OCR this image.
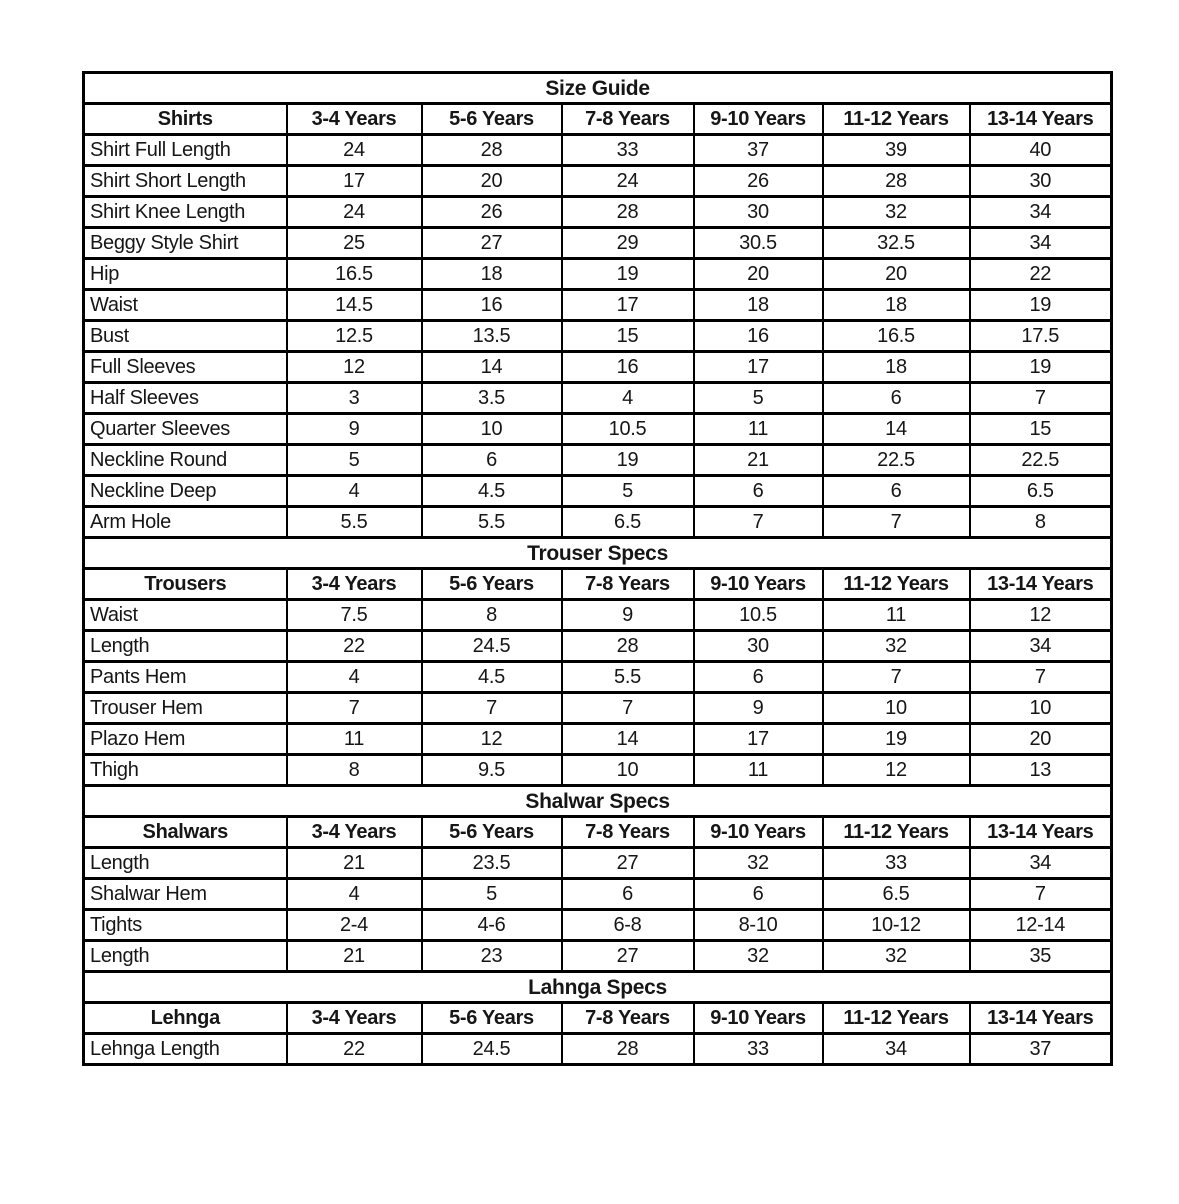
Size Guide						
Shirts	3-4 Years	5-6 Years	7-8 Years	9-10 Years	11-12 Years	13-14 Years
Shirt Full Length	24	28	33	37	39	40
Shirt Short Length	17	20	24	26	28	30
Shirt Knee Length	24	26	28	30	32	34
Beggy Style Shirt	25	27	29	30.5	32.5	34
Hip	16.5	18	19	20	20	22
Waist	14.5	16	17	18	18	19
Bust	12.5	13.5	15	16	16.5	17.5
Full Sleeves	12	14	16	17	18	19
Half Sleeves	3	3.5	4	5	6	7
Quarter Sleeves	9	10	10.5	11	14	15
Neckline Round	5	6	19	21	22.5	22.5
Neckline Deep	4	4.5	5	6	6	6.5
Arm Hole	5.5	5.5	6.5	7	7	8
Trouser Specs						
Trousers	3-4 Years	5-6 Years	7-8 Years	9-10 Years	11-12 Years	13-14 Years
Waist	7.5	8	9	10.5	11	12
Length	22	24.5	28	30	32	34
Pants Hem	4	4.5	5.5	6	7	7
Trouser Hem	7	7	7	9	10	10
Plazo Hem	11	12	14	17	19	20
Thigh	8	9.5	10	11	12	13
Shalwar Specs						
Shalwars	3-4 Years	5-6 Years	7-8 Years	9-10 Years	11-12 Years	13-14 Years
Length	21	23.5	27	32	33	34
Shalwar Hem	4	5	6	6	6.5	7
Tights	2-4	4-6	6-8	8-10	10-12	12-14
Length	21	23	27	32	32	35
Lahnga Specs						
Lehnga	3-4 Years	5-6 Years	7-8 Years	9-10 Years	11-12 Years	13-14 Years
Lehnga Length	22	24.5	28	33	34	37
